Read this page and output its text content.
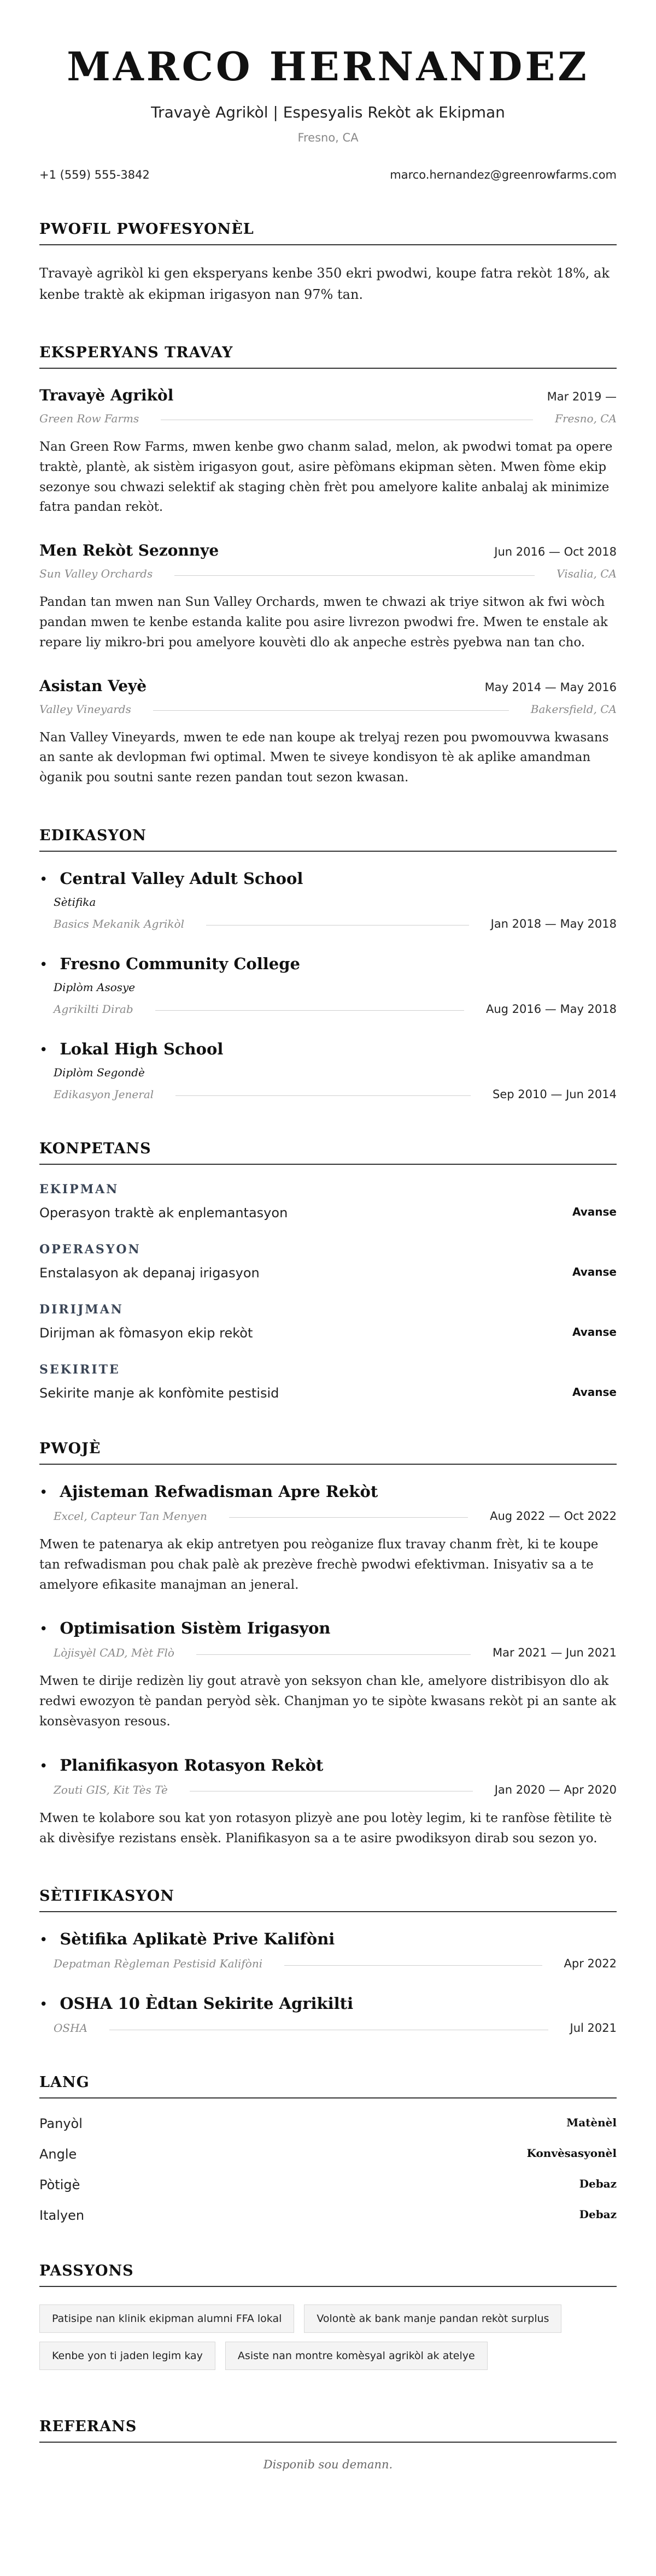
MARCO HERNANDEZ
Travayè Agrikòl | Espesyalis Rekòt ak Ekipman
Fresno, CA
+1 (559) 555-3842	marco.hernandez@greenrowfarms.com
PWOFIL PWOFESYONÈL

Travayè agrikòl ki gen eksperyans kenbe 350 ekri pwodwi, koupe fatra rekòt 18%, ak kenbe traktè ak ekipman irigasyon nan 97% tan.

EKSPERYANS TRAVAY
Travayè Agrikòl	Mar 2019 —
Green Row Farms	Fresno, CA

Nan Green Row Farms, mwen kenbe gwo chanm salad, melon, ak pwodwi tomat pa opere traktè, plantè, ak sistèm irigasyon gout, asire pèfòmans ekipman sèten. Mwen fòme ekip sezonye sou chwazi selektif ak staging chèn frèt pou amelyore kalite anbalaj ak minimize fatra pandan rekòt.

Men Rekòt Sezonnye	Jun 2016 — Oct 2018
Sun Valley Orchards	Visalia, CA

Pandan tan mwen nan Sun Valley Orchards, mwen te chwazi ak triye sitwon ak fwi wòch pandan mwen te kenbe estanda kalite pou asire livrezon pwodwi fre. Mwen te enstale ak repare liy mikro-bri pou amelyore kouvèti dlo ak anpeche estrès pyebwa nan tan cho.

Asistan Veyè	May 2014 — May 2016
Valley Vineyards	Bakersfield, CA

Nan Valley Vineyards, mwen te ede nan koupe ak trelyaj rezen pou pwomouvwa kwasans an sante ak devlopman fwi optimal. Mwen te siveye kondisyon tè ak aplike amandman òganik pou soutni sante rezen pandan tout sezon kwasan.

EDIKASYON
• Central Valley Adult School
Sètifika
Basics Mekanik Agrikòl	Jan 2018 — May 2018
• Fresno Community College
Diplòm Asosye
Agrikilti Dirab	Aug 2016 — May 2018
• Lokal High School
Diplòm Segondè
Edikasyon Jeneral	Sep 2010 — Jun 2014
KONPETANS
EKIPMAN
Operasyon traktè ak enplemantasyon	Avanse
OPERASYON
Enstalasyon ak depanaj irigasyon	Avanse
DIRIJMAN
Dirijman ak fòmasyon ekip rekòt	Avanse
SEKIRITE
Sekirite manje ak konfòmite pestisid	Avanse
PWOJÈ
• Ajisteman Refwadisman Apre Rekòt
Excel, Capteur Tan Menyen	Aug 2022 — Oct 2022

Mwen te patenarya ak ekip antretyen pou reòganize flux travay chanm frèt, ki te koupe tan refwadisman pou chak palè ak prezève frechè pwodwi efektivman. Inisyativ sa a te amelyore efikasite manajman an jeneral.

• Optimisation Sistèm Irigasyon
Lòjisyèl CAD, Mèt Flò	Mar 2021 — Jun 2021

Mwen te dirije redizèn liy gout atravè yon seksyon chan kle, amelyore distribisyon dlo ak redwi ewozyon tè pandan peryòd sèk. Chanjman yo te sipòte kwasans rekòt pi an sante ak konsèvasyon resous.

• Planifikasyon Rotasyon Rekòt
Zouti GIS, Kit Tès Tè	Jan 2020 — Apr 2020

Mwen te kolabore sou kat yon rotasyon plizyè ane pou lotèy legim, ki te ranfòse fètilite tè ak divèsifye rezistans ensèk. Planifikasyon sa a te asire pwodiksyon dirab sou sezon yo.

SÈTIFIKASYON
• Sètifika Aplikatè Prive Kalifòni
Depatman Règleman Pestisid Kalifòni	Apr 2022
• OSHA 10 Èdtan Sekirite Agrikilti
OSHA	Jul 2021
LANG
Panyòl	Matènèl
Angle	Konvèsasyonèl
Pòtigè	Debaz
Italyen	Debaz
PASSYONS
Patisipe nan klinik ekipman alumni FFA lokal	Volontè ak bank manje pandan rekòt surplus
Kenbe yon ti jaden legim kay	Asiste nan montre komèsyal agrikòl ak atelye
REFERANS

Disponib sou demann.
